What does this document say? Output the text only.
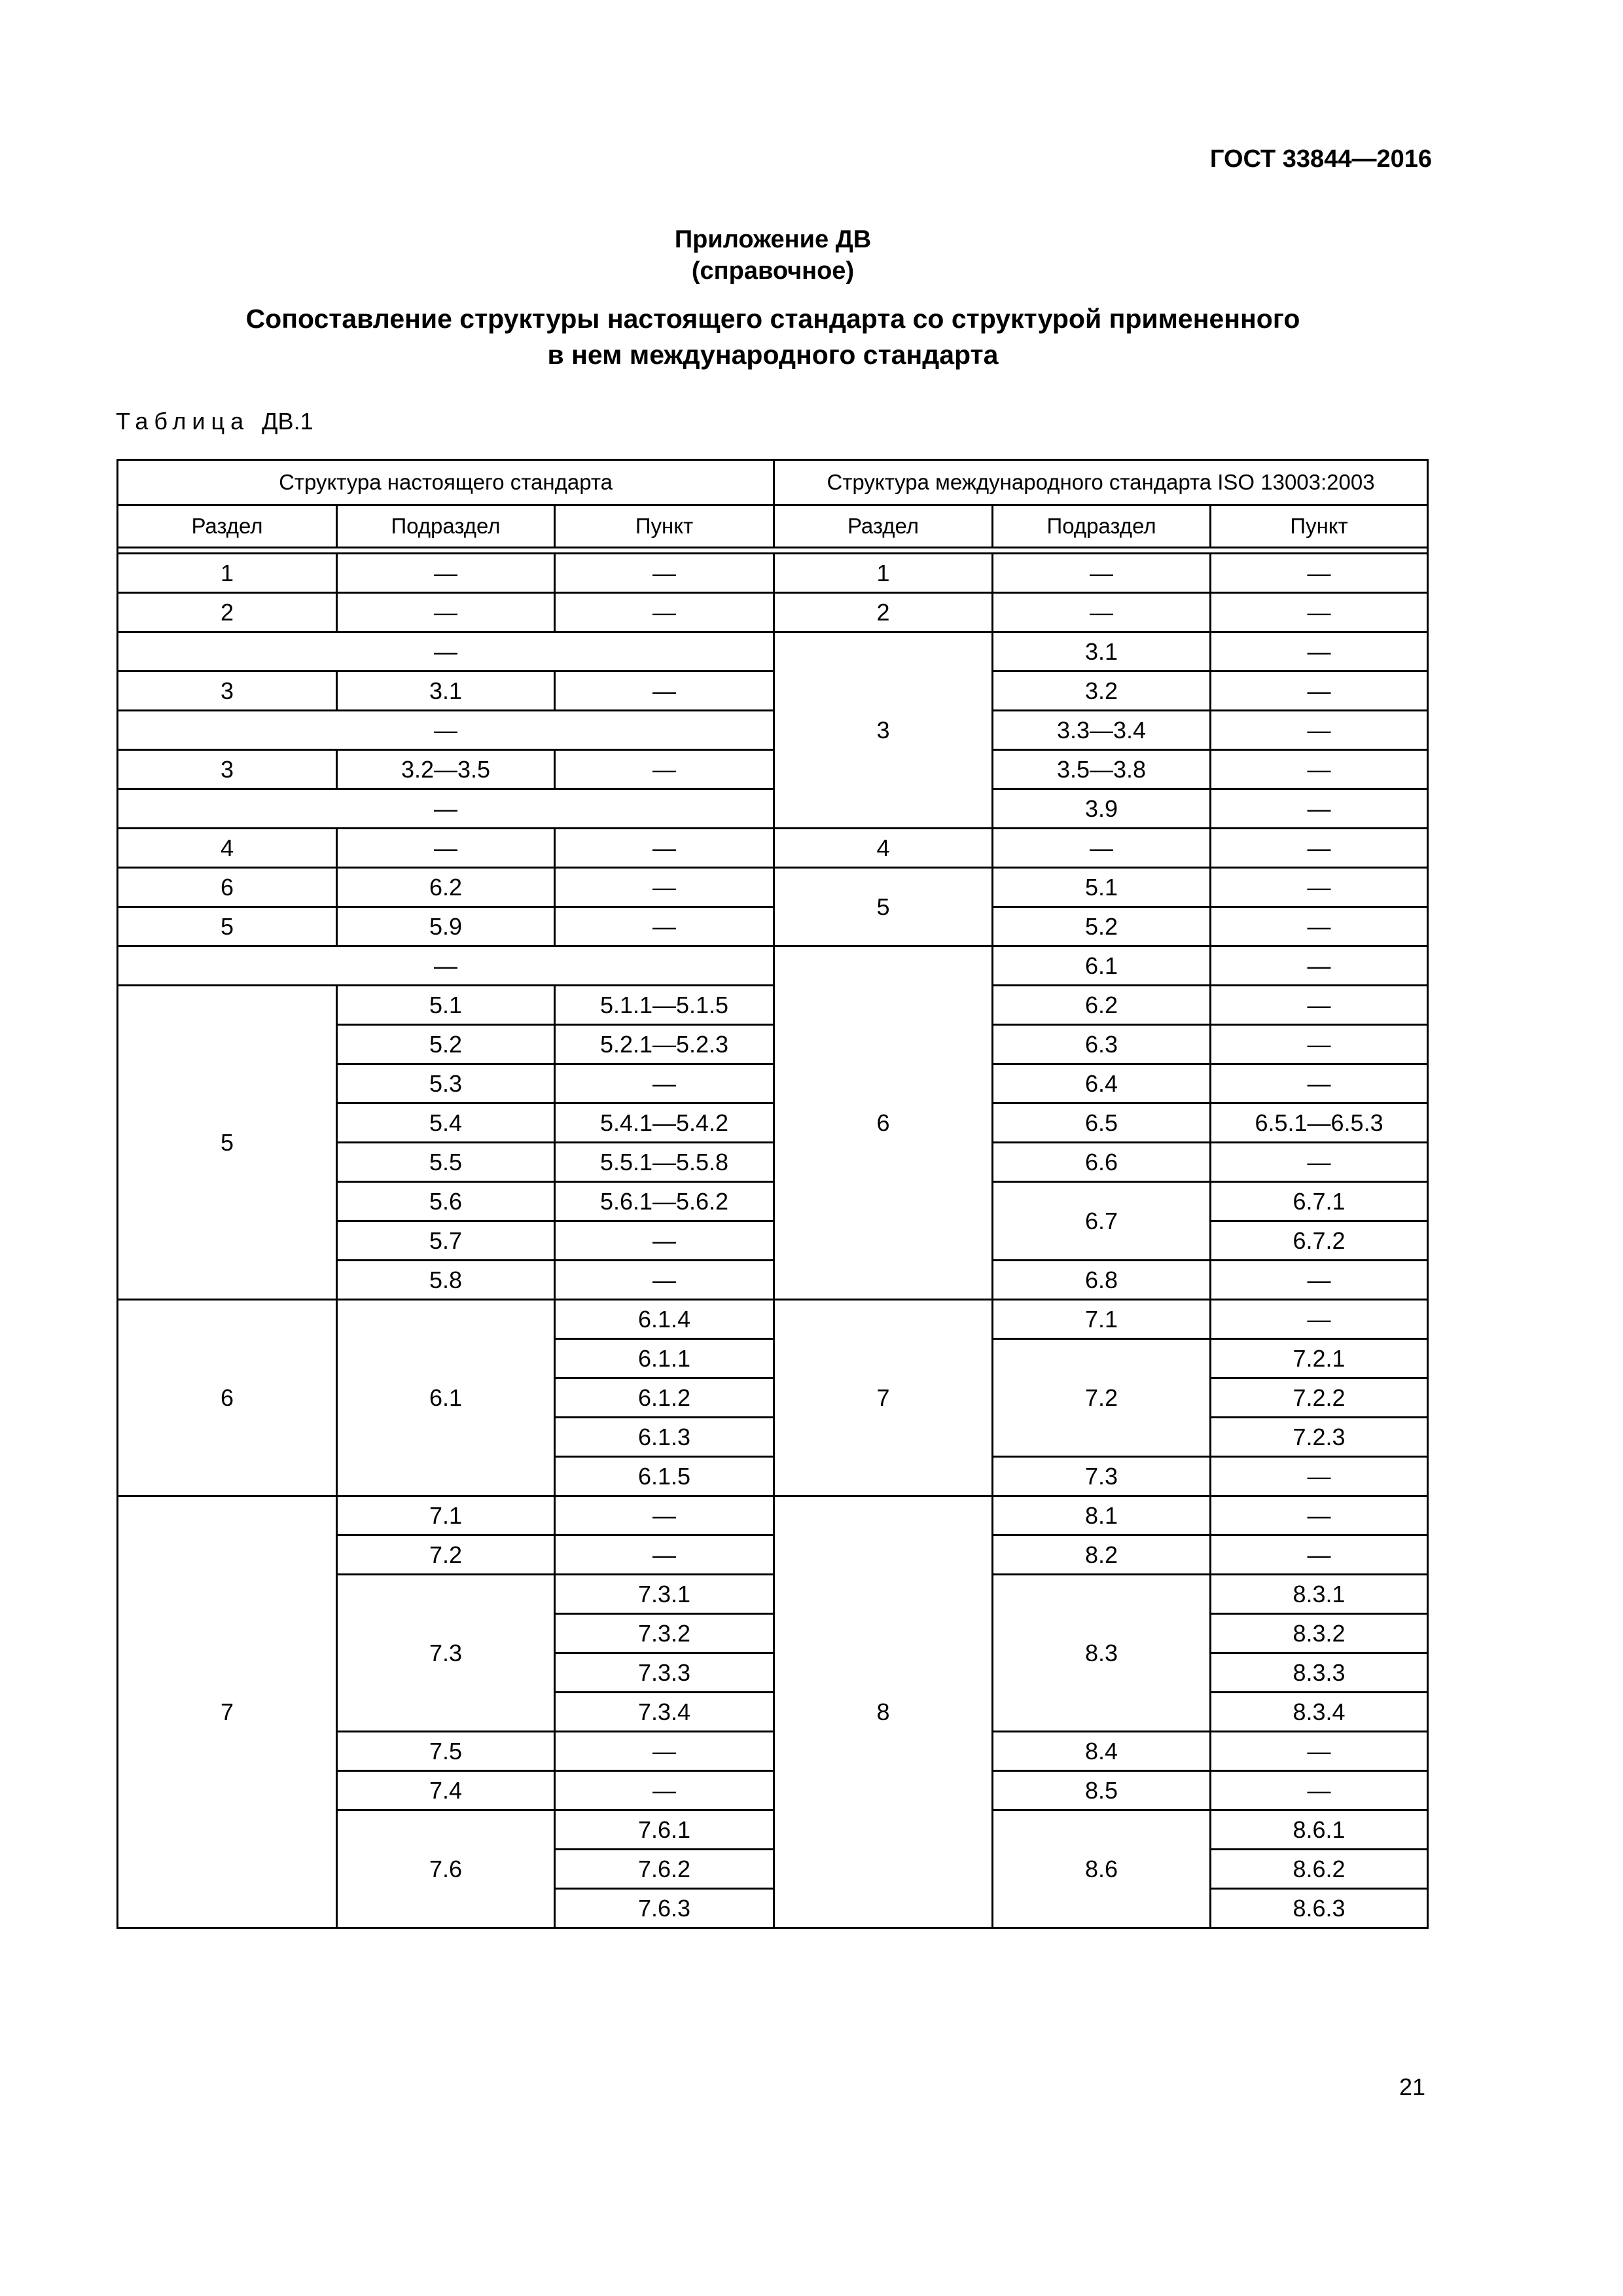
ГОСТ 33844—2016
Приложение ДВ
(справочное)
Сопоставление структуры настоящего стандарта со структурой примененного
в нем международного стандарта
Таблица ДВ.1
Структура настоящего стандарта			Структура международного стандарта ISO 13003:2003		
Раздел	Подраздел	Пункт	Раздел	Подраздел	Пункт

1	—	—	1	—	—
2	—	—	2	—	—
—			3	3.1	—
3	3.1	—		3.2	—
—				3.3—3.4	—
3	3.2—3.5	—		3.5—3.8	—
—				3.9	—
4	—	—	4	—	—
6	6.2	—	5	5.1	—
5	5.9	—		5.2	—
—			6	6.1	—
5	5.1	5.1.1—5.1.5		6.2	—
	5.2	5.2.1—5.2.3		6.3	—
	5.3	—		6.4	—
	5.4	5.4.1—5.4.2		6.5	6.5.1—6.5.3
	5.5	5.5.1—5.5.8		6.6	—
	5.6	5.6.1—5.6.2		6.7	6.7.1
	5.7	—			6.7.2
	5.8	—		6.8	—
6	6.1	6.1.4	7	7.1	—
		6.1.1		7.2	7.2.1
		6.1.2			7.2.2
		6.1.3			7.2.3
		6.1.5		7.3	—
7	7.1	—	8	8.1	—
	7.2	—		8.2	—
	7.3	7.3.1		8.3	8.3.1
		7.3.2			8.3.2
		7.3.3			8.3.3
		7.3.4			8.3.4
	7.5	—		8.4	—
	7.4	—		8.5	—
	7.6	7.6.1		8.6	8.6.1
		7.6.2			8.6.2
		7.6.3			8.6.3
21
